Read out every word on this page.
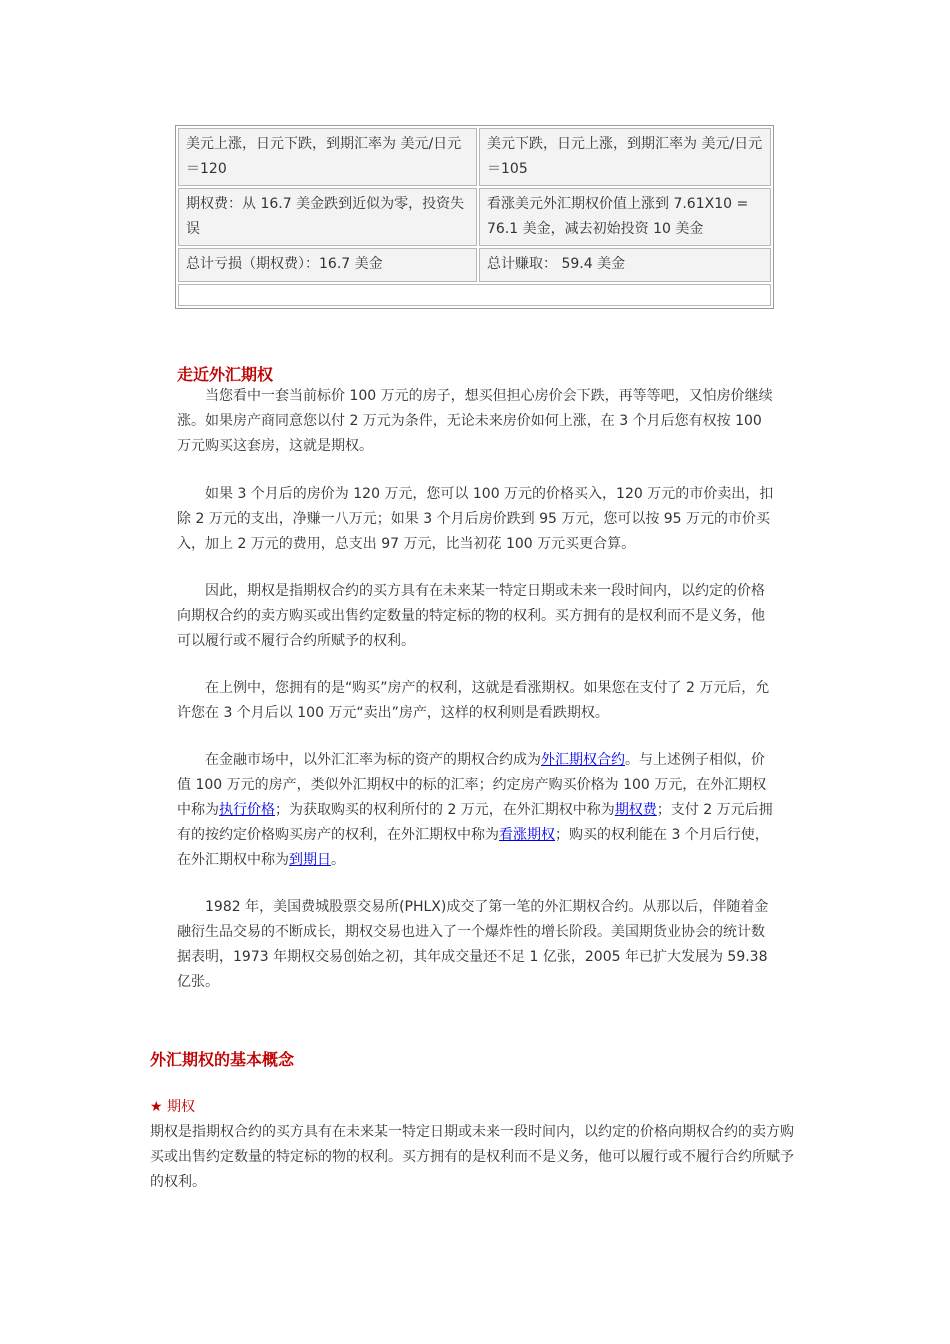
美元上涨，日元下跌，到期汇率为 美元/日元＝120
美元下跌，日元上涨，到期汇率为 美元/日元＝105
期权费：从 16.7 美金跌到近似为零，投资失误
看涨美元外汇期权价值上涨到 7.61X10 = 76.1 美金，减去初始投资 10 美金
总计亏损（期权费）：16.7 美金	总计赚取： 59.4 美金
走近外汇期权

　　当您看中一套当前标价 100 万元的房子，想买但担心房价会下跌，再等等吧，又怕房价继续涨。如果房产商同意您以付 2 万元为条件，无论未来房价如何上涨，在 3 个月后您有权按 100 万元购买这套房，这就是期权。

　　如果 3 个月后的房价为 120 万元，您可以 100 万元的价格买入，120 万元的市价卖出，扣除 2 万元的支出，净赚一八万元；如果 3 个月后房价跌到 95 万元，您可以按 95 万元的市价买入，加上 2 万元的费用，总支出 97 万元，比当初花 100 万元买更合算。

　　因此，期权是指期权合约的买方具有在未来某一特定日期或未来一段时间内，以约定的价格向期权合约的卖方购买或出售约定数量的特定标的物的权利。买方拥有的是权利而不是义务，他可以履行或不履行合约所赋予的权利。

　　在上例中，您拥有的是“购买”房产的权利，这就是看涨期权。如果您在支付了 2 万元后，允许您在 3 个月后以 100 万元“卖出”房产，这样的权利则是看跌期权。

　　在金融市场中，以外汇汇率为标的资产的期权合约成为外汇期权合约。与上述例子相似，价值 100 万元的房产，类似外汇期权中的标的汇率；约定房产购买价格为 100 万元，在外汇期权中称为执行价格；为获取购买的权利所付的 2 万元，在外汇期权中称为期权费；支付 2 万元后拥有的按约定价格购买房产的权利，在外汇期权中称为看涨期权；购买的权利能在 3 个月后行使，在外汇期权中称为到期日。

　　1982 年，美国费城股票交易所(PHLX)成交了第一笔的外汇期权合约。从那以后，伴随着金融衍生品交易的不断成长，期权交易也进入了一个爆炸性的增长阶段。美国期货业协会的统计数据表明，1973 年期权交易创始之初，其年成交量还不足 1 亿张，2005 年已扩大发展为 59.38 亿张。

外汇期权的基本概念
★ 期权

期权是指期权合约的买方具有在未来某一特定日期或未来一段时间内，以约定的价格向期权合约的卖方购买或出售约定数量的特定标的物的权利。买方拥有的是权利而不是义务，他可以履行或不履行合约所赋予的权利。
